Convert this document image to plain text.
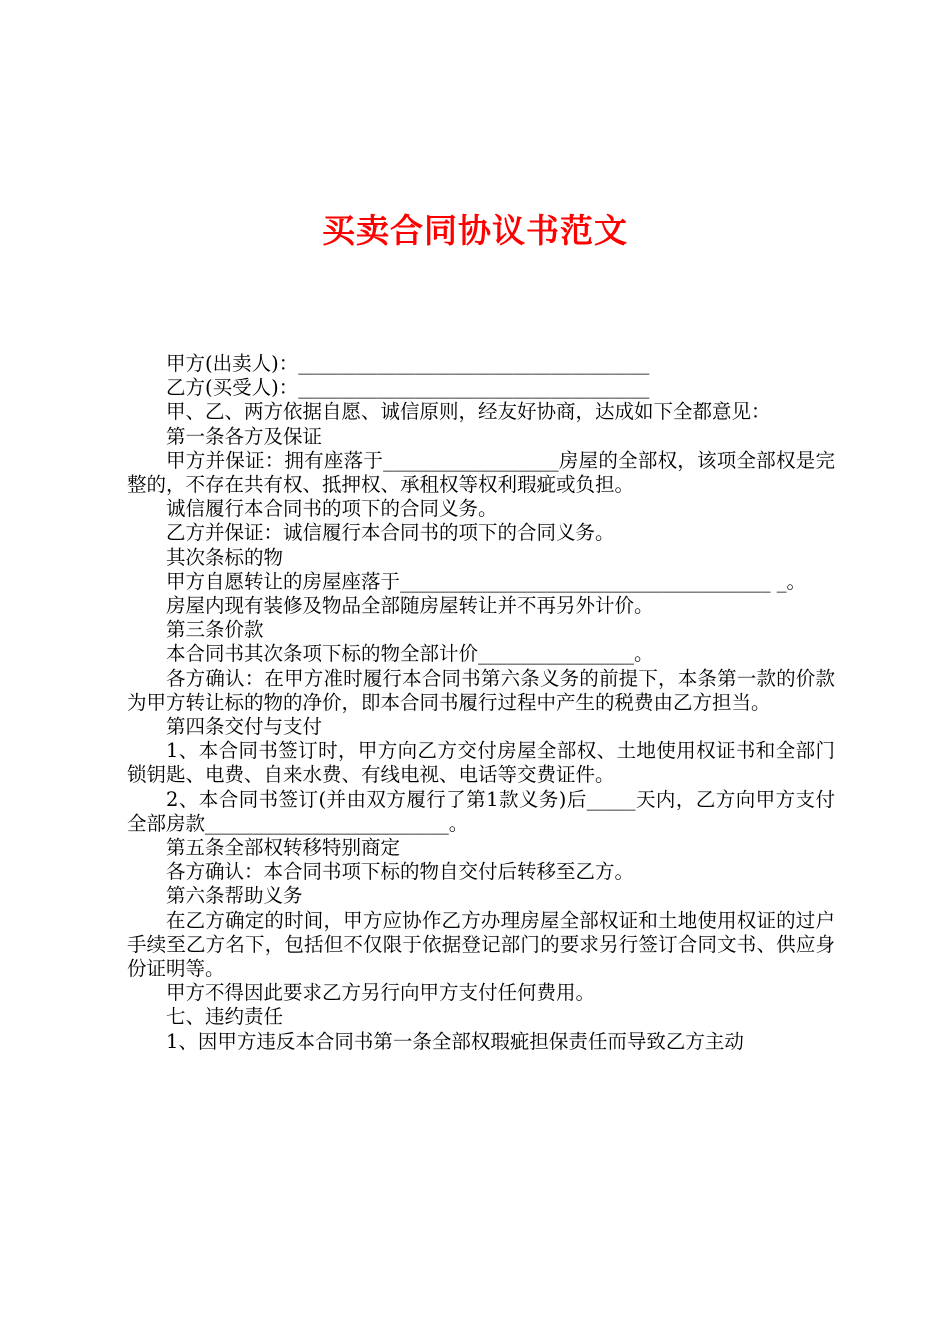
买卖合同协议书范文

甲方(出卖人)：____________________________________

乙方(买受人)：____________________________________

甲、乙、两方依据自愿、诚信原则，经友好协商，达成如下全都意见：

第一条各方及保证

甲方并保证：拥有座落于__________________房屋的全部权，该项全部权是完整的，不存在共有权、抵押权、承租权等权利瑕疵或负担。

诚信履行本合同书的项下的合同义务。

乙方并保证：诚信履行本合同书的项下的合同义务。

其次条标的物

甲方自愿转让的房屋座落于______________________________________ _。

房屋内现有装修及物品全部随房屋转让并不再另外计价。

第三条价款

本合同书其次条项下标的物全部计价________________。

各方确认：在甲方准时履行本合同书第六条义务的前提下，本条第一款的价款为甲方转让标的物的净价，即本合同书履行过程中产生的税费由乙方担当。

第四条交付与支付

1、本合同书签订时，甲方向乙方交付房屋全部权、土地使用权证书和全部门锁钥匙、电费、自来水费、有线电视、电话等交费证件。

2、本合同书签订(并由双方履行了第1款义务)后_____天内，乙方向甲方支付全部房款_________________________。

第五条全部权转移特别商定

各方确认：本合同书项下标的物自交付后转移至乙方。

第六条帮助义务

在乙方确定的时间，甲方应协作乙方办理房屋全部权证和土地使用权证的过户手续至乙方名下，包括但不仅限于依据登记部门的要求另行签订合同文书、供应身份证明等。

甲方不得因此要求乙方另行向甲方支付任何费用。

七、违约责任

1、因甲方违反本合同书第一条全部权瑕疵担保责任而导致乙方主动
